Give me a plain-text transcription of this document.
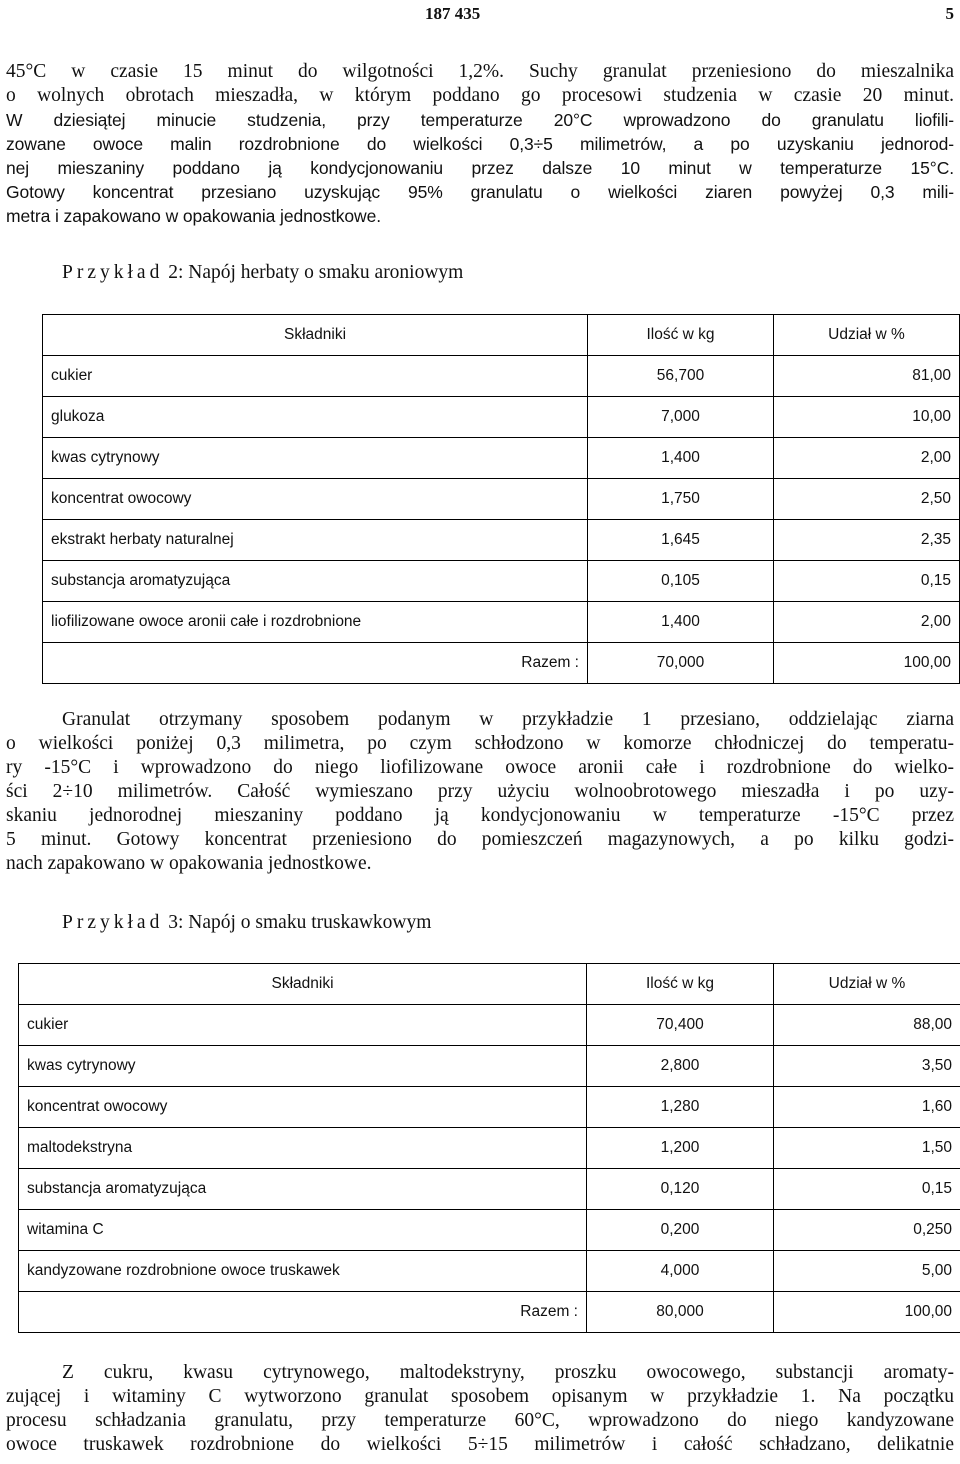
187 435	5

45°C w czasie 15 minut do wilgotności 1,2%. Suchy granulat przeniesiono do mieszalnika
o wolnych obrotach mieszadła, w którym poddano go procesowi studzenia w czasie 20 minut.
W dziesiątej minucie studzenia, przy temperaturze 20°C wprowadzono do granulatu liofili-
zowane owoce malin rozdrobnione do wielkości 0,3÷5 milimetrów, a po uzyskaniu jednorod-
nej mieszaniny poddano ją kondycjonowaniu przez dalsze 10 minut w temperaturze 15°C.
Gotowy koncentrat przesiano uzyskując 95% granulatu o wielkości ziaren powyżej 0,3 mili-
metra i zapakowano w opakowania jednostkowe.

Przykład 2: Napój herbaty o smaku aroniowym

Składniki	Ilość w kg	Udział w %
cukier	56,700	81,00
glukoza	7,000	10,00
kwas cytrynowy	1,400	2,00
koncentrat owocowy	1,750	2,50
ekstrakt herbaty naturalnej	1,645	2,35
substancja aromatyzująca	0,105	0,15
liofilizowane owoce aronii całe i rozdrobnione	1,400	2,00
Razem :	70,000	100,00

Granulat otrzymany sposobem podanym w przykładzie 1 przesiano, oddzielając ziarna
o wielkości poniżej 0,3 milimetra, po czym schłodzono w komorze chłodniczej do temperatu-
ry -15°C i wprowadzono do niego liofilizowane owoce aronii całe i rozdrobnione do wielko-
ści 2÷10 milimetrów. Całość wymieszano przy użyciu wolnoobrotowego mieszadła i po uzy-
skaniu jednorodnej mieszaniny poddano ją kondycjonowaniu w temperaturze -15°C przez
5 minut. Gotowy koncentrat przeniesiono do pomieszczeń magazynowych, a po kilku godzi-
nach zapakowano w opakowania jednostkowe.

Przykład 3: Napój o smaku truskawkowym

Składniki	Ilość w kg	Udział w %
cukier	70,400	88,00
kwas cytrynowy	2,800	3,50
koncentrat owocowy	1,280	1,60
maltodekstryna	1,200	1,50
substancja aromatyzująca	0,120	0,15
witamina C	0,200	0,250
kandyzowane rozdrobnione owoce truskawek	4,000	5,00
Razem :	80,000	100,00

Z cukru, kwasu cytrynowego, maltodekstryny, proszku owocowego, substancji aromaty-
zującej i witaminy C wytworzono granulat sposobem opisanym w przykładzie 1. Na początku
procesu schładzania granulatu, przy temperaturze 60°C, wprowadzono do niego kandyzowane
owoce truskawek rozdrobnione do wielkości 5÷15 milimetrów i całość schładzano, delikatnie
